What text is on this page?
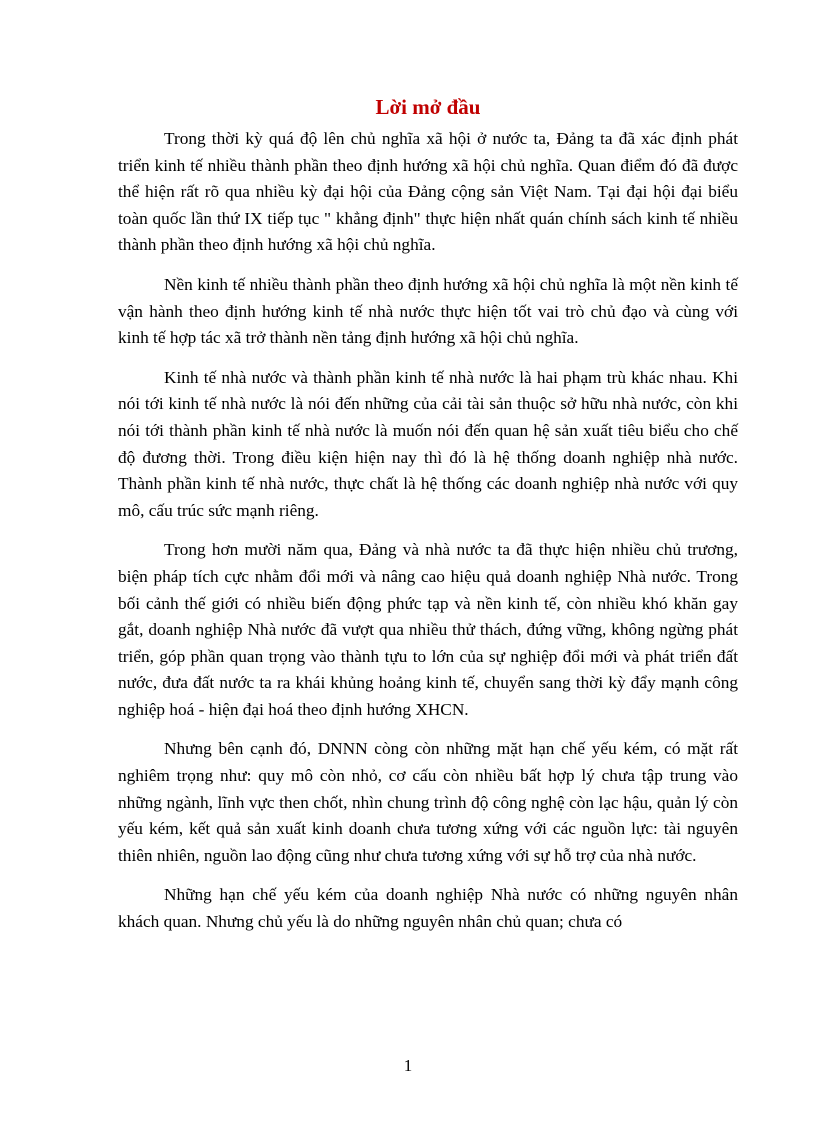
Lời mở đầu

Trong thời kỳ quá độ lên chủ nghĩa xã hội ở nước ta, Đảng ta đã xác định phát triển kinh tế nhiều thành phần theo định hướng xã hội chủ nghĩa. Quan điểm đó đã được thể hiện rất rõ qua nhiều kỳ đại hội của Đảng cộng sản Việt Nam. Tại đại hội đại biểu toàn quốc lần thứ IX tiếp tục " khẳng định" thực hiện nhất quán chính sách kinh tế nhiều thành phần theo định hướng xã hội chủ nghĩa.

Nền kinh tế nhiều thành phần theo định hướng xã hội chủ nghĩa là một nền kinh tế vận hành theo định hướng kinh tế nhà nước thực hiện tốt vai trò chủ đạo và cùng với kinh tế hợp tác xã trở thành nền tảng định hướng xã hội chủ nghĩa.

Kinh tế nhà nước và thành phần kinh tế nhà nước là hai phạm trù khác nhau. Khi nói tới kinh tế nhà nước là nói đến những của cải tài sản thuộc sở hữu nhà nước, còn khi nói tới thành phần kinh tế nhà nước là muốn nói đến quan hệ sản xuất tiêu biểu cho chế độ đương thời. Trong điều kiện hiện nay thì đó là hệ thống doanh nghiệp nhà nước. Thành phần kinh tế nhà nước, thực chất là hệ thống các doanh nghiệp nhà nước với quy mô, cấu trúc sức mạnh riêng.

Trong hơn mười năm qua, Đảng và nhà nước ta đã thực hiện nhiều chủ trương, biện pháp tích cực nhằm đổi mới và nâng cao hiệu quả doanh nghiệp Nhà nước. Trong bối cảnh thế giới có nhiều biến động phức tạp và nền kinh tế, còn nhiều khó khăn gay gắt, doanh nghiệp Nhà nước đã vượt qua nhiều thử thách, đứng vững, không ngừng phát triển, góp phần quan trọng vào thành tựu to lớn của sự nghiệp đổi mới và phát triển đất nước, đưa đất nước ta ra khái khủng hoảng kinh tế, chuyển sang thời kỳ đẩy mạnh công nghiệp hoá - hiện đại hoá theo định hướng XHCN.

Nhưng bên cạnh đó, DNNN còng còn những mặt hạn chế yếu kém, có mặt rất nghiêm trọng như: quy mô còn nhỏ, cơ cấu còn nhiều bất hợp lý chưa tập trung vào những ngành, lĩnh vực then chốt, nhìn chung trình độ công nghệ còn lạc hậu, quản lý còn yếu kém, kết quả sản xuất kinh doanh chưa tương xứng với các nguồn lực: tài nguyên thiên nhiên, nguồn lao động cũng như chưa tương xứng với sự hỗ trợ của nhà nước.

Những hạn chế yếu kém của doanh nghiệp Nhà nước có những nguyên nhân khách quan. Nhưng chủ yếu là do những nguyên nhân chủ quan; chưa có

1
